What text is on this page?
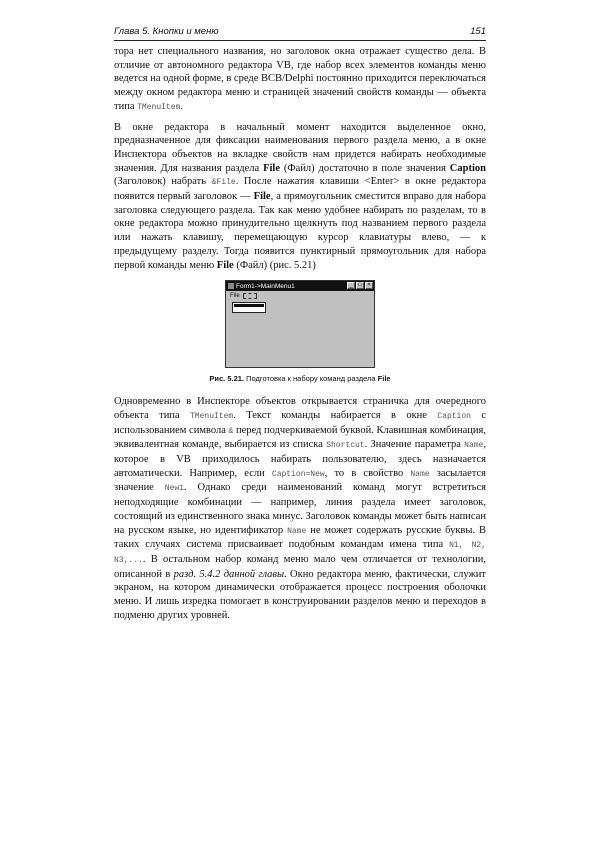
Глава 5. Кнопки и меню	151

тора нет специального названия, но заголовок окна отражает существо дела. В отличие от автономного редактора VB, где набор всех элементов команды меню ведется на одной форме, в среде BCB/Delphi постоянно приходится переключаться между окном редактора меню и страницей значений свойств команды — объекта типа TMenuItem.

В окне редактора в начальный момент находится выделенное окно, предназначенное для фиксации наименования первого раздела меню, а в окне Инспектора объектов на вкладке свойств нам придется набирать необходимые значения. Для названия раздела File (Файл) достаточно в поле значения Caption (Заголовок) набрать &File. После нажатия клавиши <Enter> в окне редактора появится первый заголовок — File, а прямоугольник сместится вправо для набора заголовка следующего раздела. Так как меню удобнее набирать по разделам, то в окне редактора можно принудительно щелкнуть под названием первого раздела или нажать клавишу, перемещающую курсор клавиатуры влево, — к предыдущему разделу. Тогда появится пунктирный прямоугольник для набора первой команды меню File (Файл) (рис. 5.21)

Form1->MainMenu1	_ □ ×
File
Рис. 5.21. Подготовка к набору команд раздела File

Одновременно в Инспекторе объектов открывается страничка для очередного объекта типа TMenuItem. Текст команды набирается в окне Caption с использованием символа & перед подчеркиваемой буквой. Клавишная комбинация, эквивалентная команде, выбирается из списка Shortcut. Значение параметра Name, которое в VB приходилось набирать пользователю, здесь назначается автоматически. Например, если Caption=New, то в свойство Name засылается значение New1. Однако среди наименований команд могут встретиться неподходящие комбинации — например, линия раздела имеет заголовок, состоящий из единственного знака минус. Заголовок команды может быть написан на русском языке, но идентификатор Name не может содержать русские буквы. В таких случаях система присваивает подобным командам имена типа N1, N2, N3,.... В остальном набор команд меню мало чем отличается от технологии, описанной в разд. 5.4.2 данной главы. Окно редактора меню, фактически, служит экраном, на котором динамически отображается процесс построения оболочки меню. И лишь изредка помогает в конструировании разделов меню и переходов в подменю других уровней.
